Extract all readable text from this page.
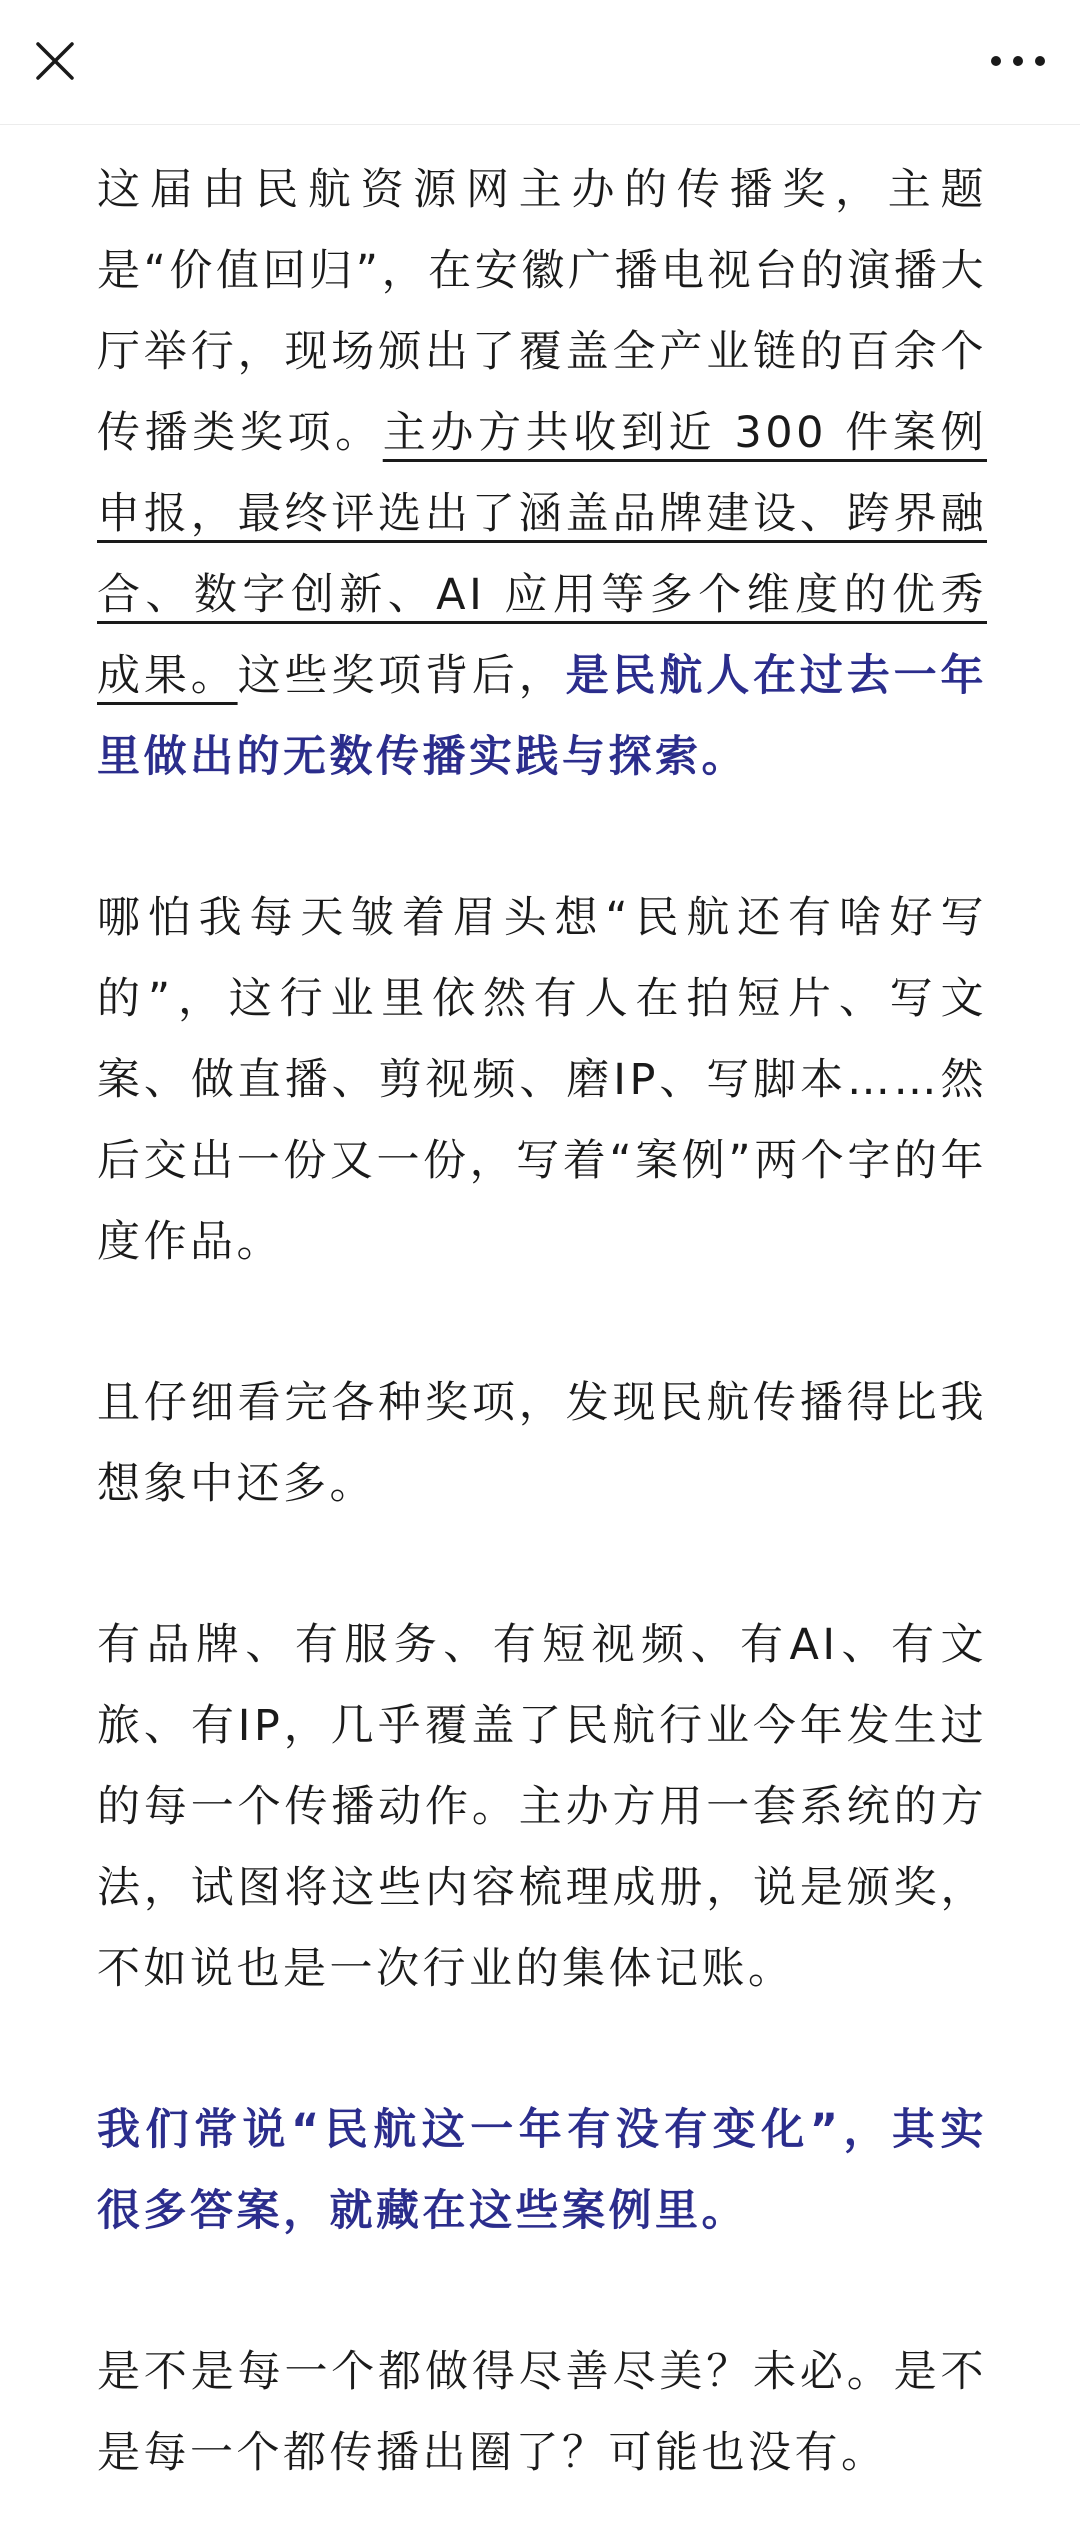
这届由民航资源网主办的传播奖，主题是“价值回归”，在安徽广播电视台的演播大厅举行，现场颁出了覆盖全产业链的百余个传播类奖项。主办方共收到近 300 件案例申报，最终评选出了涵盖品牌建设、跨界融合、数字创新、AI 应用等多个维度的优秀成果。这些奖项背后，是民航人在过去一年里做出的无数传播实践与探索。

哪怕我每天皱着眉头想“民航还有啥好写的”，这行业里依然有人在拍短片、写文案、做直播、剪视频、磨IP、写脚本……然后交出一份又一份，写着“案例”两个字的年度作品。

且仔细看完各种奖项，发现民航传播得比我想象中还多。

有品牌、有服务、有短视频、有AI、有文旅、有IP，几乎覆盖了民航行业今年发生过的每一个传播动作。主办方用一套系统的方法，试图将这些内容梳理成册，说是颁奖，不如说也是一次行业的集体记账。

我们常说“民航这一年有没有变化”，其实很多答案，就藏在这些案例里。

是不是每一个都做得尽善尽美？未必。是不是每一个都传播出圈了？可能也没有。
